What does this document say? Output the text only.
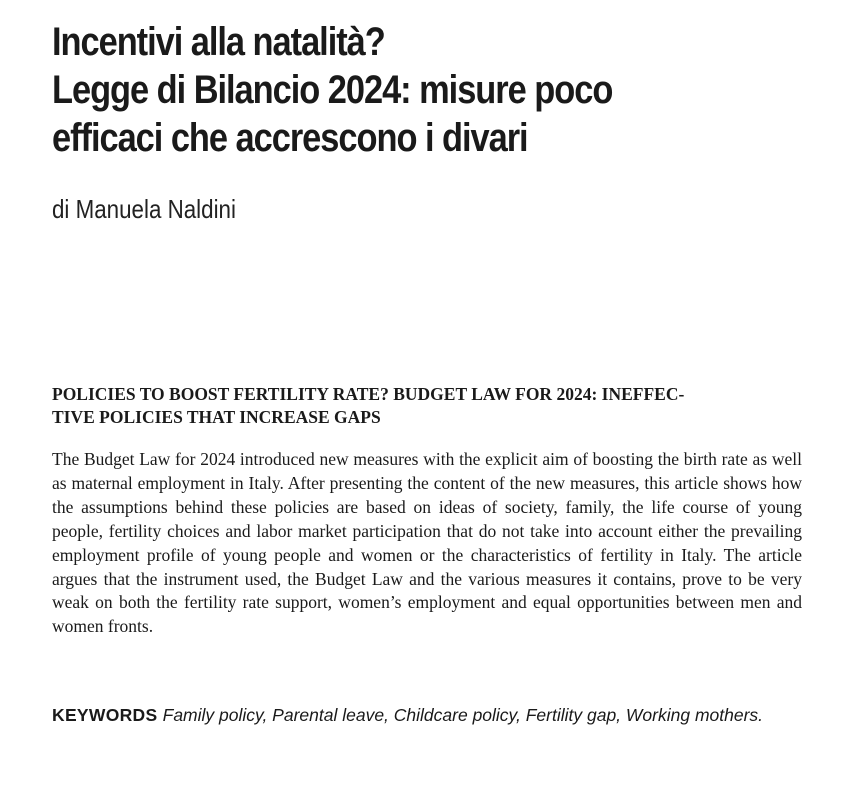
Incentivi alla natalità?
Legge di Bilancio 2024: misure poco
efficaci che accrescono i divari
di Manuela Naldini
POLICIES TO BOOST FERTILITY RATE? BUDGET LAW FOR 2024: INEFFEC-
TIVE POLICIES THAT INCREASE GAPS

The Budget Law for 2024 introduced new measures with the explicit aim of boosting the birth rate as well as maternal employment in Italy. After presenting the content of the new measures, this article shows how the assumptions behind these policies are based on ideas of society, family, the life course of young people, fertility choices and labor market participation that do not take into account either the prevailing employment profile of young people and women or the characteristics of fertility in Italy. The article argues that the instrument used, the Budget Law and the various measures it contains, prove to be very weak on both the fertility rate support, women’s employment and equal opportunities between men and women fronts.

KEYWORDS Family policy, Parental leave, Childcare policy, Fertility gap, Working mothers.
